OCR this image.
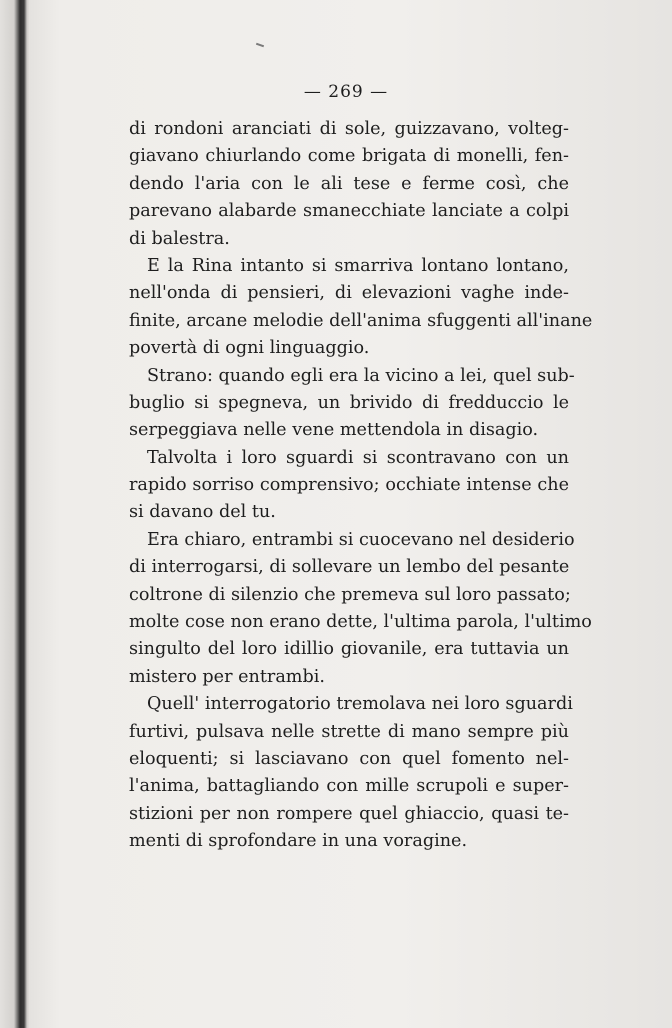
— 269 —
di rondoni aranciati di sole, guizzavano, volteg-
giavano chiurlando come brigata di monelli, fen-
dendo l'aria con le ali tese e ferme così, che
parevano alabarde smanecchiate lanciate a colpi
di balestra.
E la Rina intanto si smarriva lontano lontano,
nell'onda di pensieri, di elevazioni vaghe inde-
finite, arcane melodie dell'anima sfuggenti all'inane
povertà di ogni linguaggio.
Strano: quando egli era la vicino a lei, quel sub-
buglio si spegneva, un brivido di fredduccio le
serpeggiava nelle vene mettendola in disagio.
Talvolta i loro sguardi si scontravano con un
rapido sorriso comprensivo; occhiate intense che
si davano del tu.
Era chiaro, entrambi si cuocevano nel desiderio
di interrogarsi, di sollevare un lembo del pesante
coltrone di silenzio che premeva sul loro passato;
molte cose non erano dette, l'ultima parola, l'ultimo
singulto del loro idillio giovanile, era tuttavia un
mistero per entrambi.
Quell' interrogatorio tremolava nei loro sguardi
furtivi, pulsava nelle strette di mano sempre più
eloquenti; si lasciavano con quel fomento nel-
l'anima, battagliando con mille scrupoli e super-
stizioni per non rompere quel ghiaccio, quasi te-
menti di sprofondare in una voragine.
